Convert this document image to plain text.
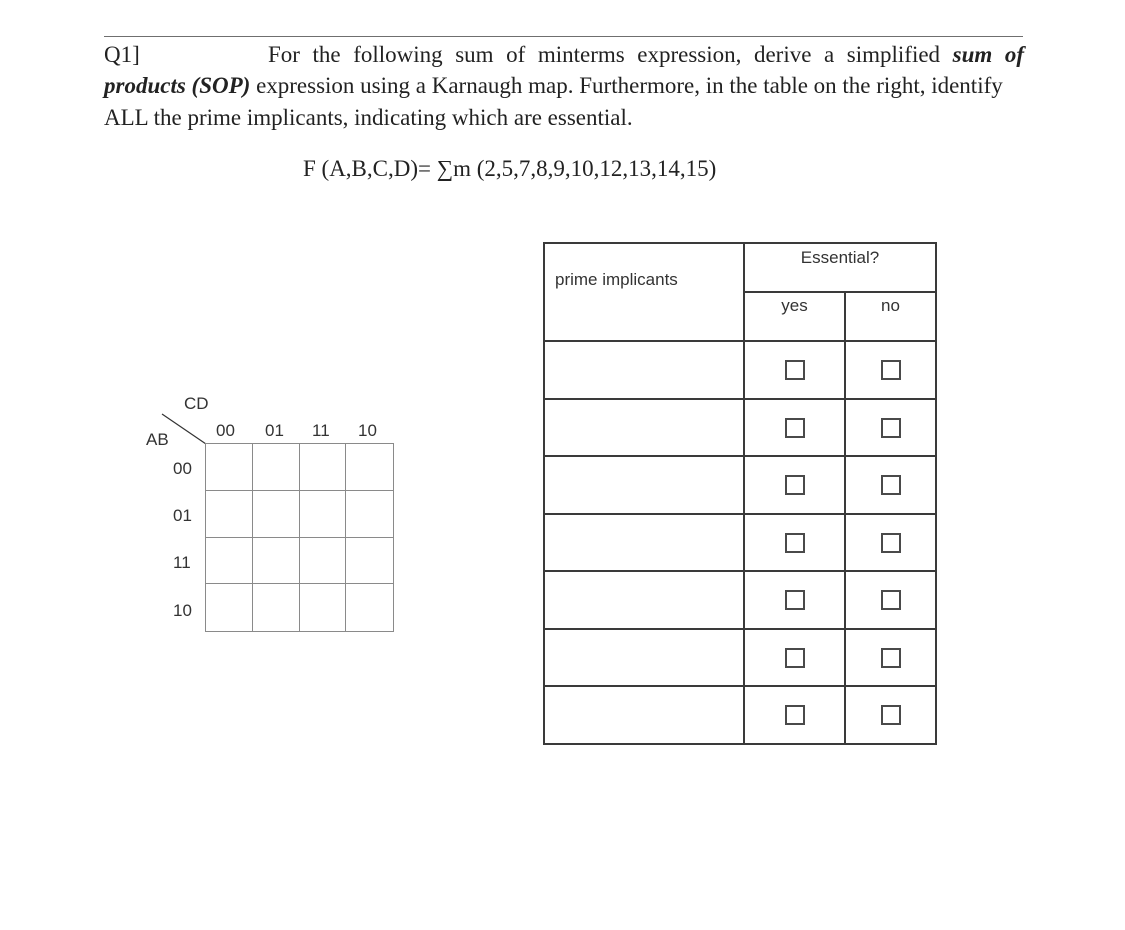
Q1]	For the following sum of minterms expression, derive a simplified sum of
products (SOP) expression using a Karnaugh map. Furthermore, in the table on the right, identify
ALL the prime implicants, indicating which are essential.
F (A,B,C,D)= ∑m (2,5,7,8,9,10,12,13,14,15)
CD
AB	00 01 11 10
00
01
11
10
prime implicants	Essential?	
	yes	no
